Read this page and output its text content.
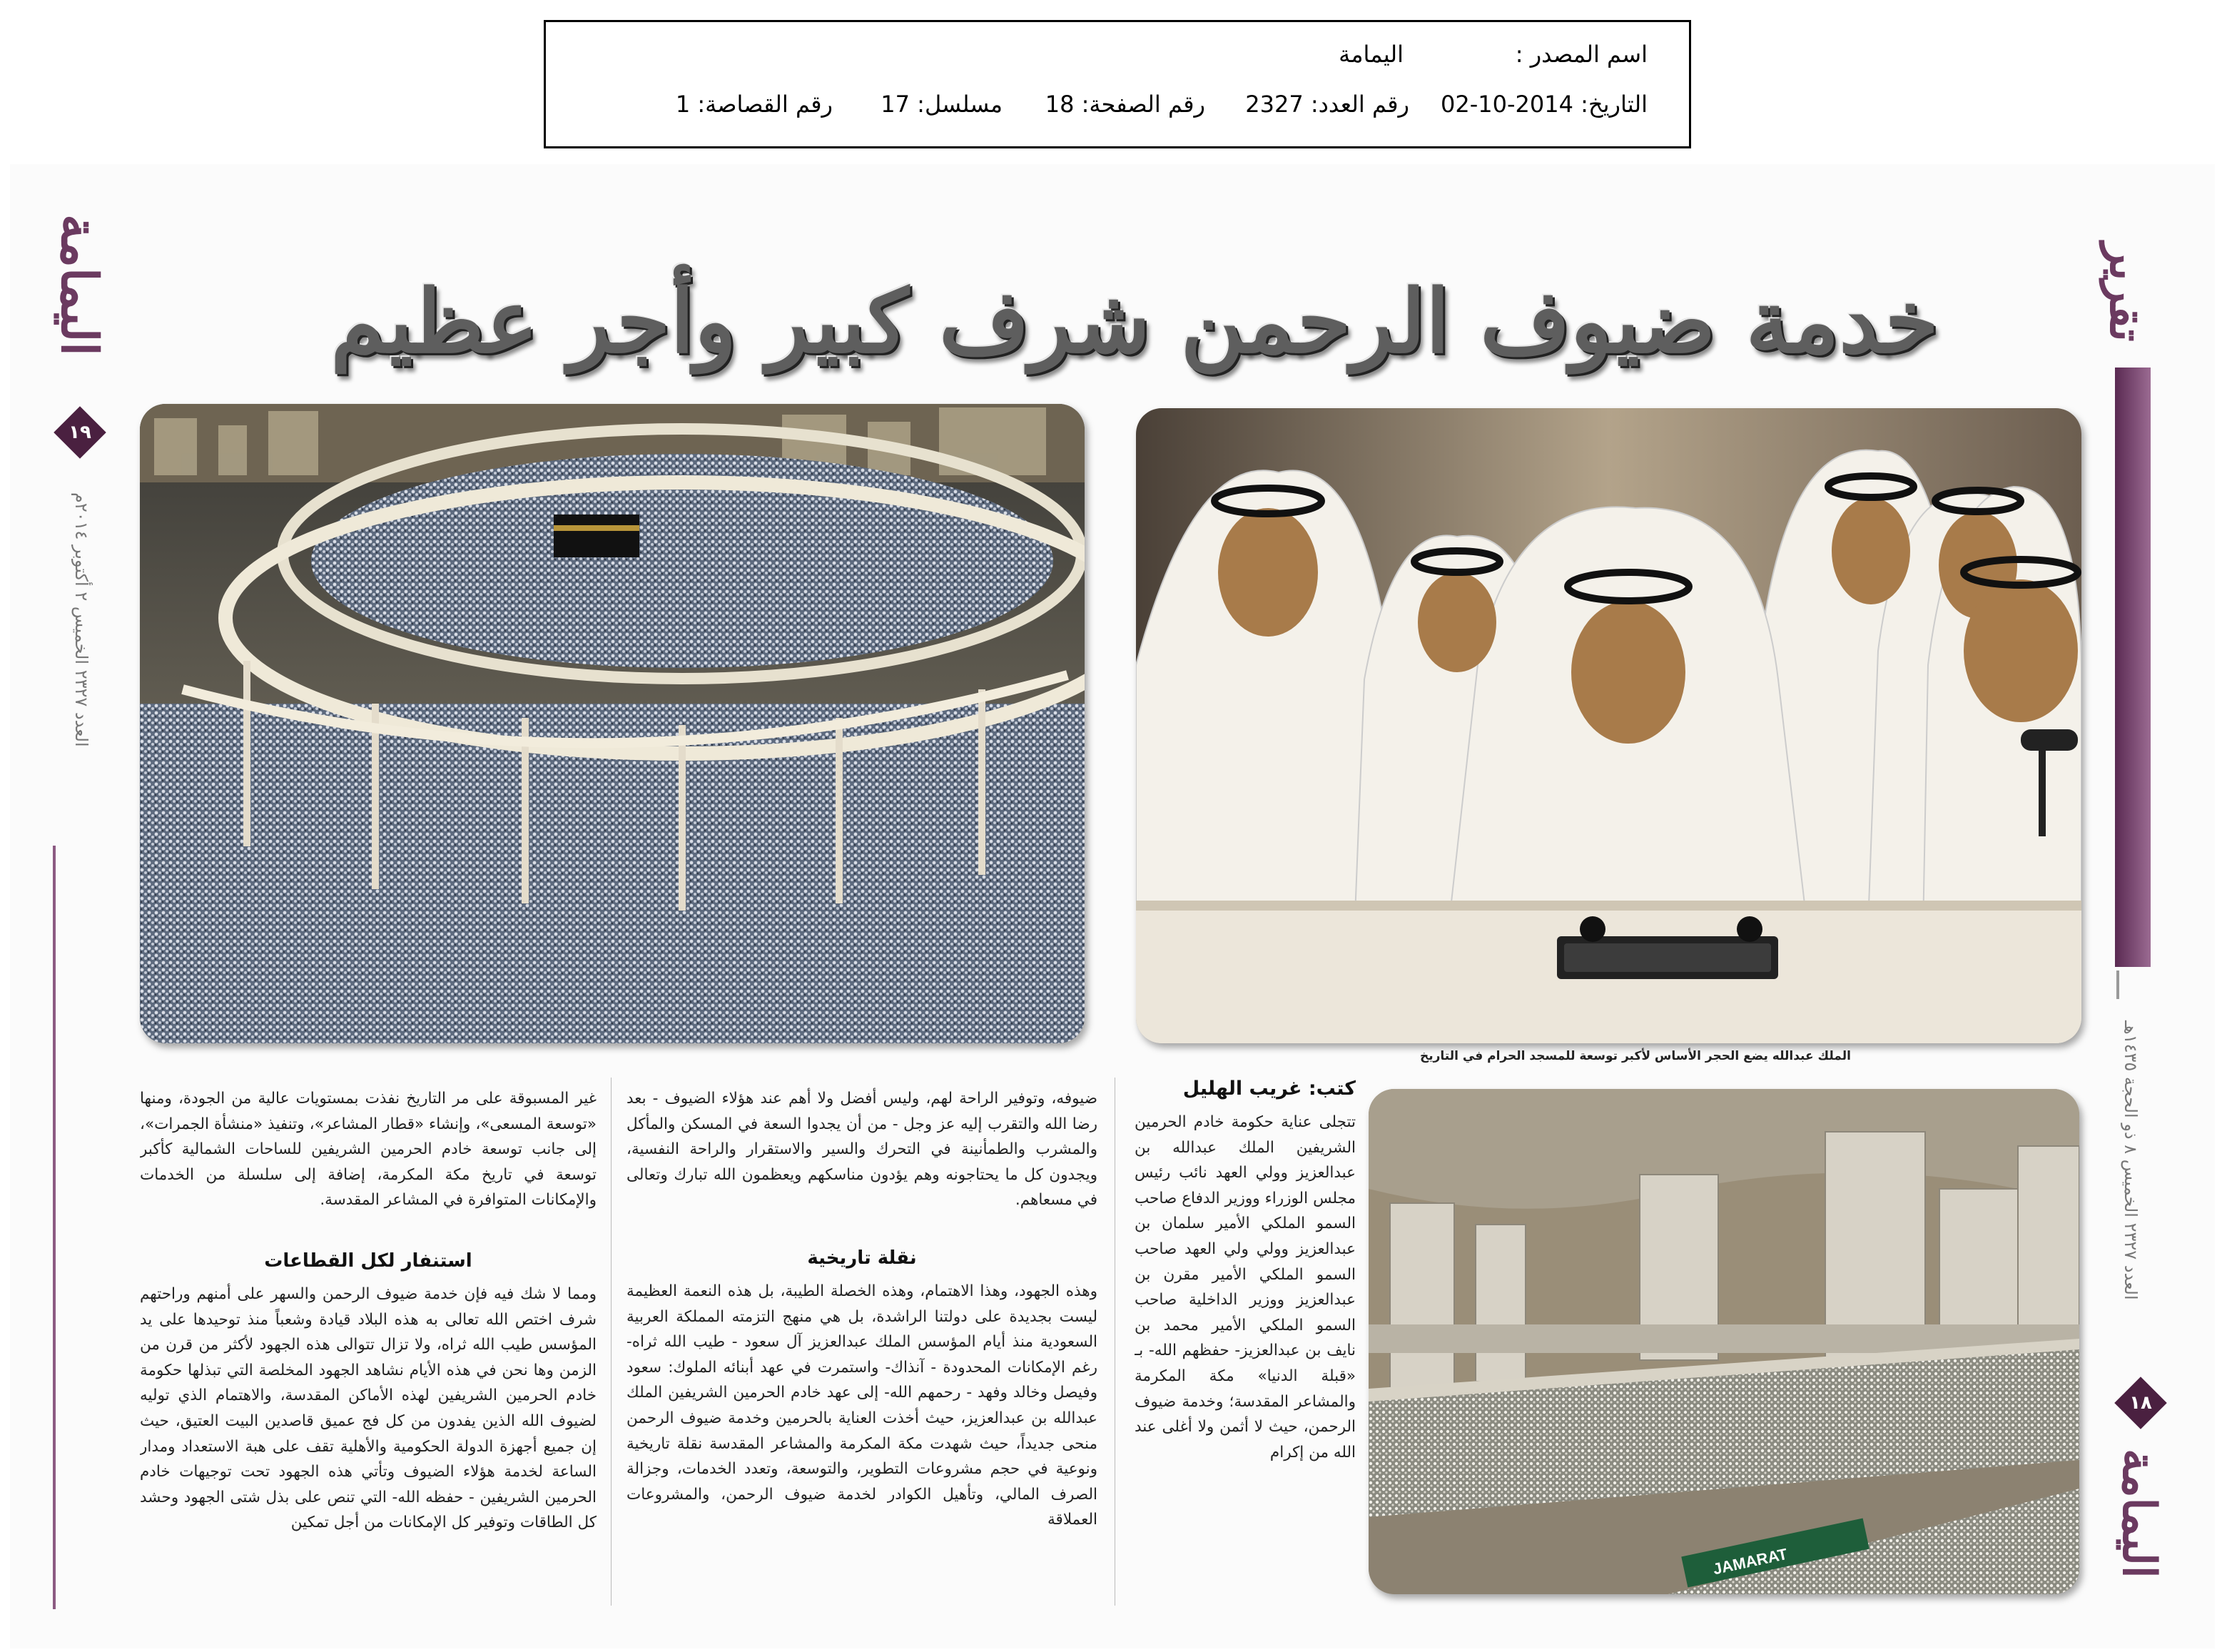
اسم المصدر :
اليمامة
التاريخ: 2014-10-02
رقم العدد: 2327
رقم الصفحة: 18
مسلسل: 17
رقم القصاصة: 1
اليمامة
١٩
العدد ٢٣٢٧ الخميس ٢ أكتوبر ٢٠١٤م
تقرير
العدد ٢٣٢٧ الخميس ٨ ذو الحجة ١٤٣٥هـ
١٨
اليمامة
خدمة ضيوف الرحمن شرف كبير وأجر عظيم
الملك عبدالله يضع الحجر الأساس لأكبر توسعة للمسجد الحرام في التاريخ
JAMARAT
كتب: غريب الهليل
تتجلى عناية حكومة خادم الحرمين الشريفين الملك عبدالله بن عبدالعزيز وولي العهد نائب رئيس مجلس الوزراء ووزير الدفاع صاحب السمو الملكي الأمير سلمان بن عبدالعزيز وولي ولي العهد صاحب السمو الملكي الأمير مقرن بن عبدالعزيز ووزير الداخلية صاحب السمو الملكي الأمير محمد بن نايف بن عبدالعزيز- حفظهم الله- بـ «قبلة الدنيا» مكة المكرمة والمشاعر المقدسة؛ وخدمة ضيوف الرحمن، حيث لا أثمن ولا أغلى عند الله من إكرام
ضيوفه، وتوفير الراحة لهم، وليس أفضل ولا أهم عند هؤلاء الضيوف - بعد رضا الله والتقرب إليه عز وجل - من أن يجدوا السعة في المسكن والمأكل والمشرب والطمأنينة في التحرك والسير والاستقرار والراحة النفسية، ويجدون كل ما يحتاجونه وهم يؤدون مناسكهم ويعظمون الله تبارك وتعالى في مسعاهم.
نقلة تاريخية
وهذه الجهود، وهذا الاهتمام، وهذه الخصلة الطيبة، بل هذه النعمة العظيمة ليست بجديدة على دولتنا الراشدة، بل هي منهج التزمته المملكة العربية السعودية منذ أيام المؤسس الملك عبدالعزيز آل سعود - طيب الله ثراه- رغم الإمكانات المحدودة - آنذاك- واستمرت في عهد أبنائه الملوك: سعود وفيصل وخالد وفهد - رحمهم الله- إلى عهد خادم الحرمين الشريفين الملك عبدالله بن عبدالعزيز، حيث أخذت العناية بالحرمين وخدمة ضيوف الرحمن منحى جديداً، حيث شهدت مكة المكرمة والمشاعر المقدسة نقلة تاريخية ونوعية في حجم مشروعات التطوير، والتوسعة، وتعدد الخدمات، وجزالة الصرف المالي، وتأهيل الكوادر لخدمة ضيوف الرحمن، والمشروعات العملاقة
غير المسبوقة على مر التاريخ نفذت بمستويات عالية من الجودة، ومنها «توسعة المسعى»، وإنشاء «قطار المشاعر»، وتنفيذ «منشأة الجمرات»، إلى جانب توسعة خادم الحرمين الشريفين للساحات الشمالية كأكبر توسعة في تاريخ مكة المكرمة، إضافة إلى سلسلة من الخدمات والإمكانات المتوافرة في المشاعر المقدسة.
استنفار لكل القطاعات
ومما لا شك فيه فإن خدمة ضيوف الرحمن والسهر على أمنهم وراحتهم شرف اختص الله تعالى به هذه البلاد قيادة وشعباً منذ توحيدها على يد المؤسس طيب الله ثراه، ولا تزال تتوالى هذه الجهود لأكثر من قرن من الزمن وها نحن في هذه الأيام نشاهد الجهود المخلصة التي تبذلها حكومة خادم الحرمين الشريفين لهذه الأماكن المقدسة، والاهتمام الذي توليه لضيوف الله الذين يفدون من كل فج عميق قاصدين البيت العتيق، حيث إن جميع أجهزة الدولة الحكومية والأهلية تقف على هبة الاستعداد ومدار الساعة لخدمة هؤلاء الضيوف وتأتي هذه الجهود تحت توجيهات خادم الحرمين الشريفين - حفظه الله- التي تنص على بذل شتى الجهود وحشد كل الطاقات وتوفير كل الإمكانات من أجل تمكين
